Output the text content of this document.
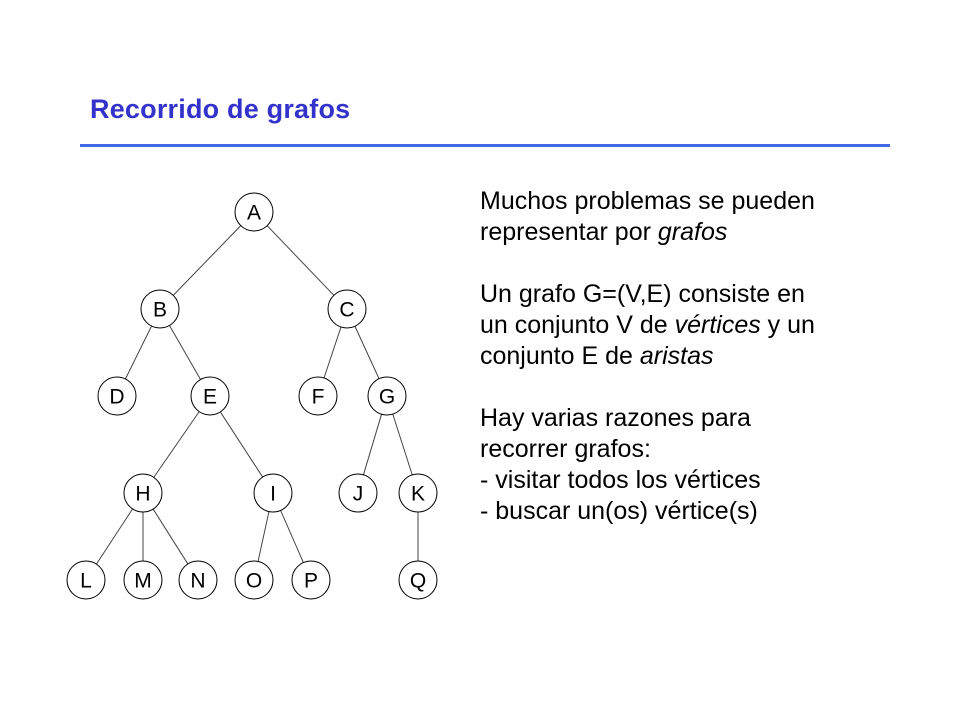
Recorrido de grafos
A
B	C
D	E	F	G
H	I	J K
L M N O P	Q

Muchos problemas se pueden

representar por grafos

Un grafo G=(V,E) consiste en

un conjunto V de vértices y un

conjunto E de aristas

Hay varias razones para

recorrer grafos:

- visitar todos los vértices

- buscar un(os) vértice(s)
